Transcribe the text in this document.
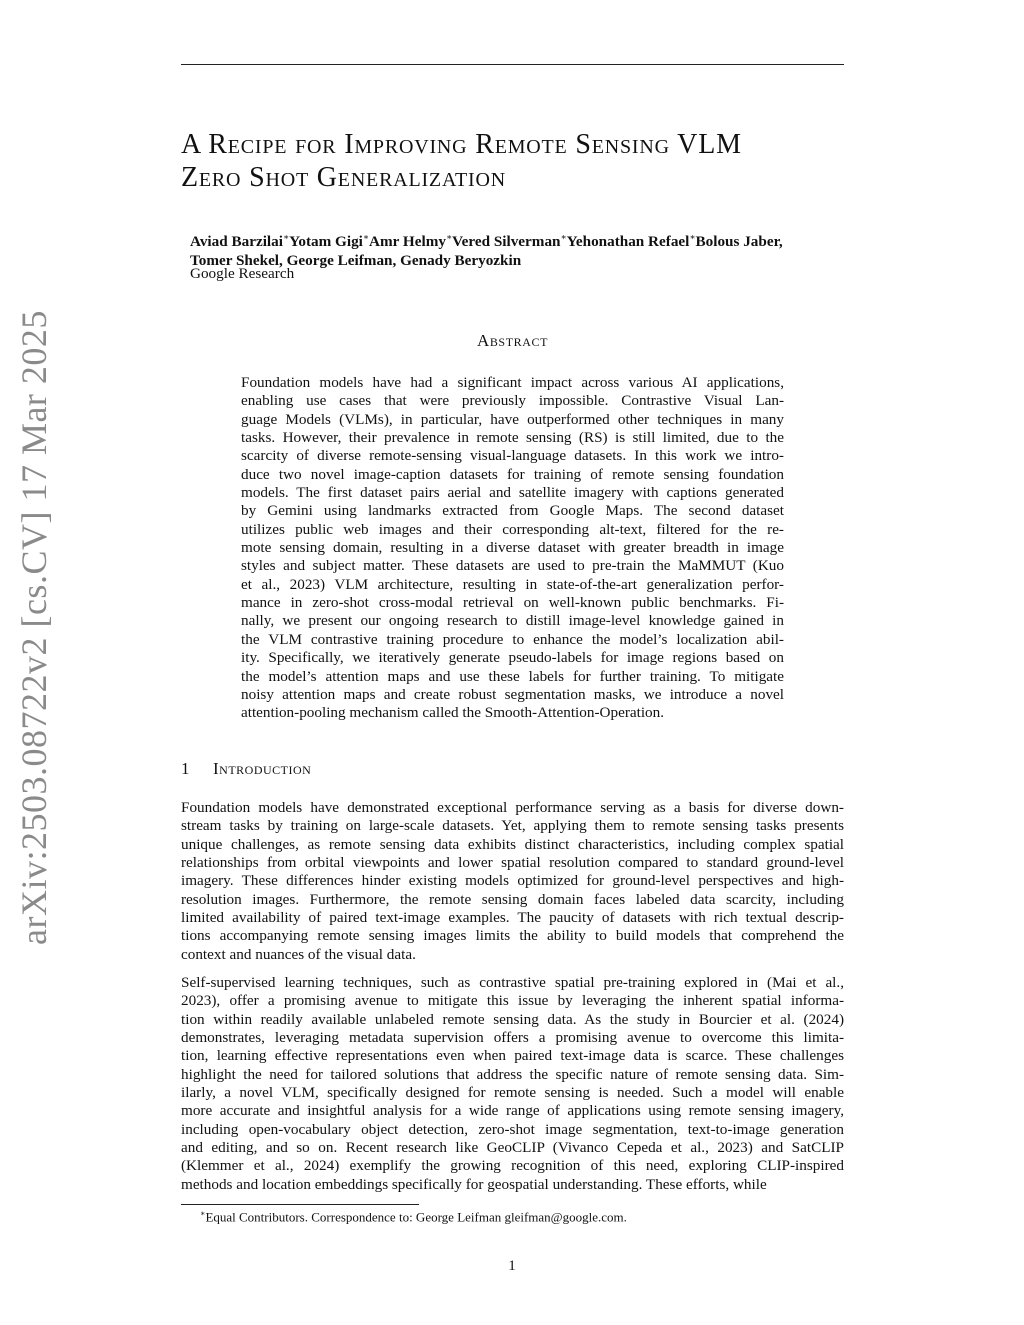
arXiv:2503.08722v2 [cs.CV] 17 Mar 2025
A Recipe for Improving Remote Sensing VLM
Zero Shot Generalization
Aviad Barzilai∗Yotam Gigi∗Amr Helmy∗Vered Silverman∗Yehonathan Refael∗Bolous Jaber,
Tomer Shekel, George Leifman, Genady Beryozkin
Google Research
Abstract
Foundation models have had a significant impact across various AI applications,
enabling use cases that were previously impossible. Contrastive Visual Lan-
guage Models (VLMs), in particular, have outperformed other techniques in many
tasks. However, their prevalence in remote sensing (RS) is still limited, due to the
scarcity of diverse remote-sensing visual-language datasets. In this work we intro-
duce two novel image-caption datasets for training of remote sensing foundation
models. The first dataset pairs aerial and satellite imagery with captions generated
by Gemini using landmarks extracted from Google Maps. The second dataset
utilizes public web images and their corresponding alt-text, filtered for the re-
mote sensing domain, resulting in a diverse dataset with greater breadth in image
styles and subject matter. These datasets are used to pre-train the MaMMUT (Kuo
et al., 2023) VLM architecture, resulting in state-of-the-art generalization perfor-
mance in zero-shot cross-modal retrieval on well-known public benchmarks. Fi-
nally, we present our ongoing research to distill image-level knowledge gained in
the VLM contrastive training procedure to enhance the model’s localization abil-
ity. Specifically, we iteratively generate pseudo-labels for image regions based on
the model’s attention maps and use these labels for further training. To mitigate
noisy attention maps and create robust segmentation masks, we introduce a novel
attention-pooling mechanism called the Smooth-Attention-Operation.
1 Introduction
Foundation models have demonstrated exceptional performance serving as a basis for diverse down-
stream tasks by training on large-scale datasets. Yet, applying them to remote sensing tasks presents
unique challenges, as remote sensing data exhibits distinct characteristics, including complex spatial
relationships from orbital viewpoints and lower spatial resolution compared to standard ground-level
imagery. These differences hinder existing models optimized for ground-level perspectives and high-
resolution images. Furthermore, the remote sensing domain faces labeled data scarcity, including
limited availability of paired text-image examples. The paucity of datasets with rich textual descrip-
tions accompanying remote sensing images limits the ability to build models that comprehend the
context and nuances of the visual data.
Self-supervised learning techniques, such as contrastive spatial pre-training explored in (Mai et al.,
2023), offer a promising avenue to mitigate this issue by leveraging the inherent spatial informa-
tion within readily available unlabeled remote sensing data. As the study in Bourcier et al. (2024)
demonstrates, leveraging metadata supervision offers a promising avenue to overcome this limita-
tion, learning effective representations even when paired text-image data is scarce. These challenges
highlight the need for tailored solutions that address the specific nature of remote sensing data. Sim-
ilarly, a novel VLM, specifically designed for remote sensing is needed. Such a model will enable
more accurate and insightful analysis for a wide range of applications using remote sensing imagery,
including open-vocabulary object detection, zero-shot image segmentation, text-to-image generation
and editing, and so on. Recent research like GeoCLIP (Vivanco Cepeda et al., 2023) and SatCLIP
(Klemmer et al., 2024) exemplify the growing recognition of this need, exploring CLIP-inspired
methods and location embeddings specifically for geospatial understanding. These efforts, while
∗Equal Contributors. Correspondence to: George Leifman gleifman@google.com.
1
